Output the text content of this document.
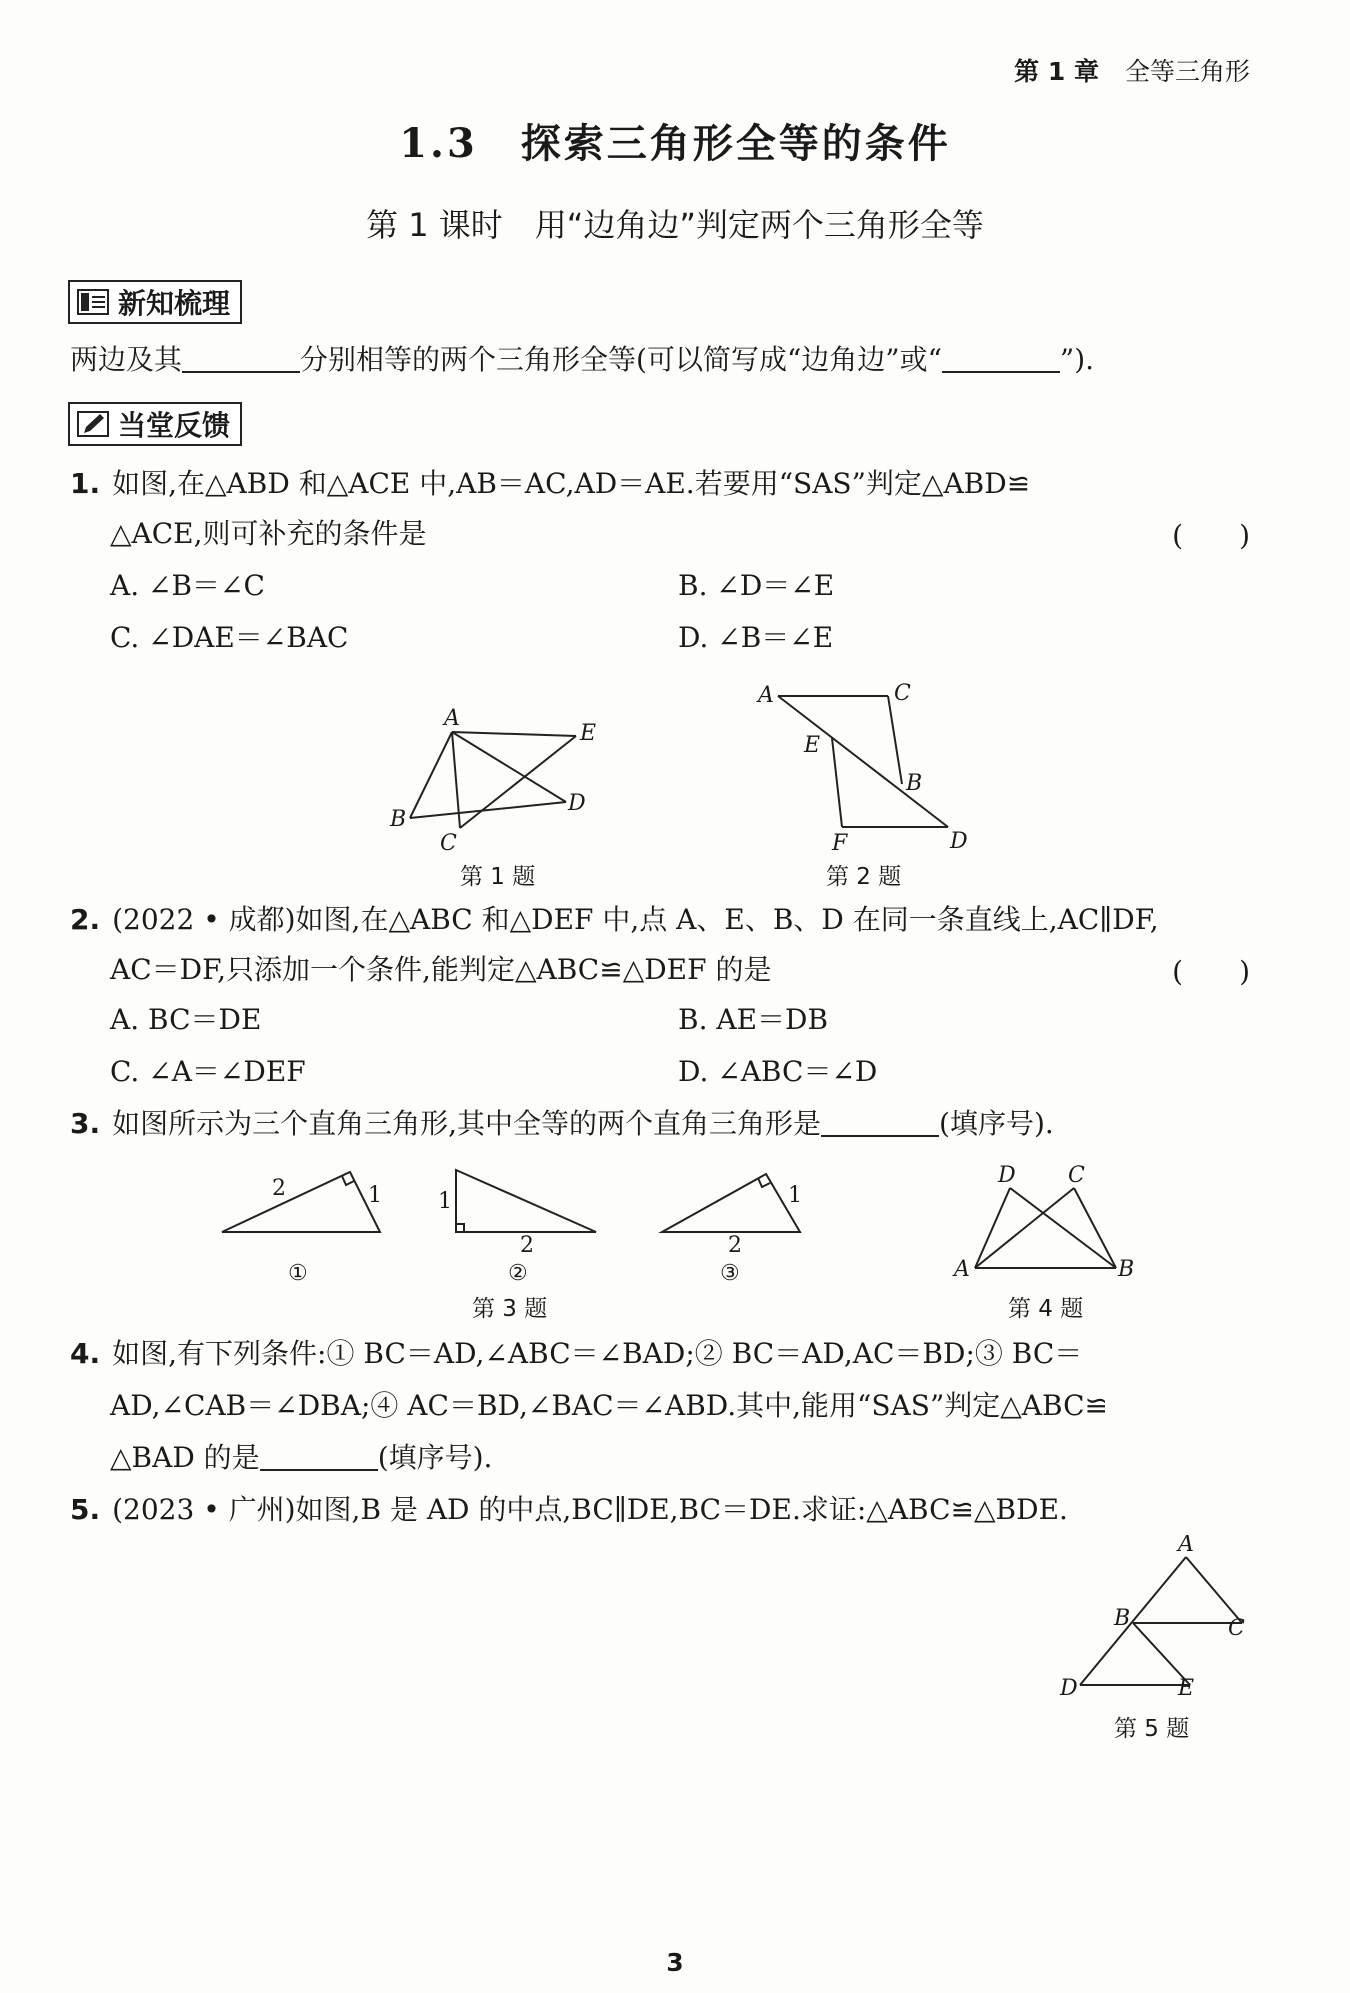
第 1 章 全等三角形
1.3　探索三角形全等的条件
第 1 课时　用“边角边”判定两个三角形全等
新知梳理
两边及其	分别相等的两个三角形全等(可以简写成“边角边”或“	”).
当堂反馈
1. 如图,在△ABD 和△ACE 中,AB＝AC,AD＝AE.若要用“SAS”判定△ABD≌
△ACE,则可补充的条件是	(　　)
A. ∠B＝∠C	B. ∠D＝∠E
C. ∠DAE＝∠BAC	D. ∠B＝∠E
A
E
D
B
C
第 1 题
A	C
E
B
D
F
第 2 题
2. (2022 • 成都)如图,在△ABC 和△DEF 中,点 A、E、B、D 在同一条直线上,AC∥DF,
AC＝DF,只添加一个条件,能判定△ABC≌△DEF 的是	(　　)
A. BC＝DE	B. AE＝DB
C. ∠A＝∠DEF	D. ∠ABC＝∠D
3. 如图所示为三个直角三角形,其中全等的两个直角三角形是	(填序号).
2	1	1
2	2
1
①	②	③
第 3 题
D C
A	B
第 4 题
4. 如图,有下列条件:① BC＝AD,∠ABC＝∠BAD;② BC＝AD,AC＝BD;③ BC＝
AD,∠CAB＝∠DBA;④ AC＝BD,∠BAC＝∠ABD.其中,能用“SAS”判定△ABC≌
△BAD 的是	(填序号).
5. (2023 • 广州)如图,B 是 AD 的中点,BC∥DE,BC＝DE.求证:△ABC≌△BDE.
A
B	C
D	E
第 5 题
3
